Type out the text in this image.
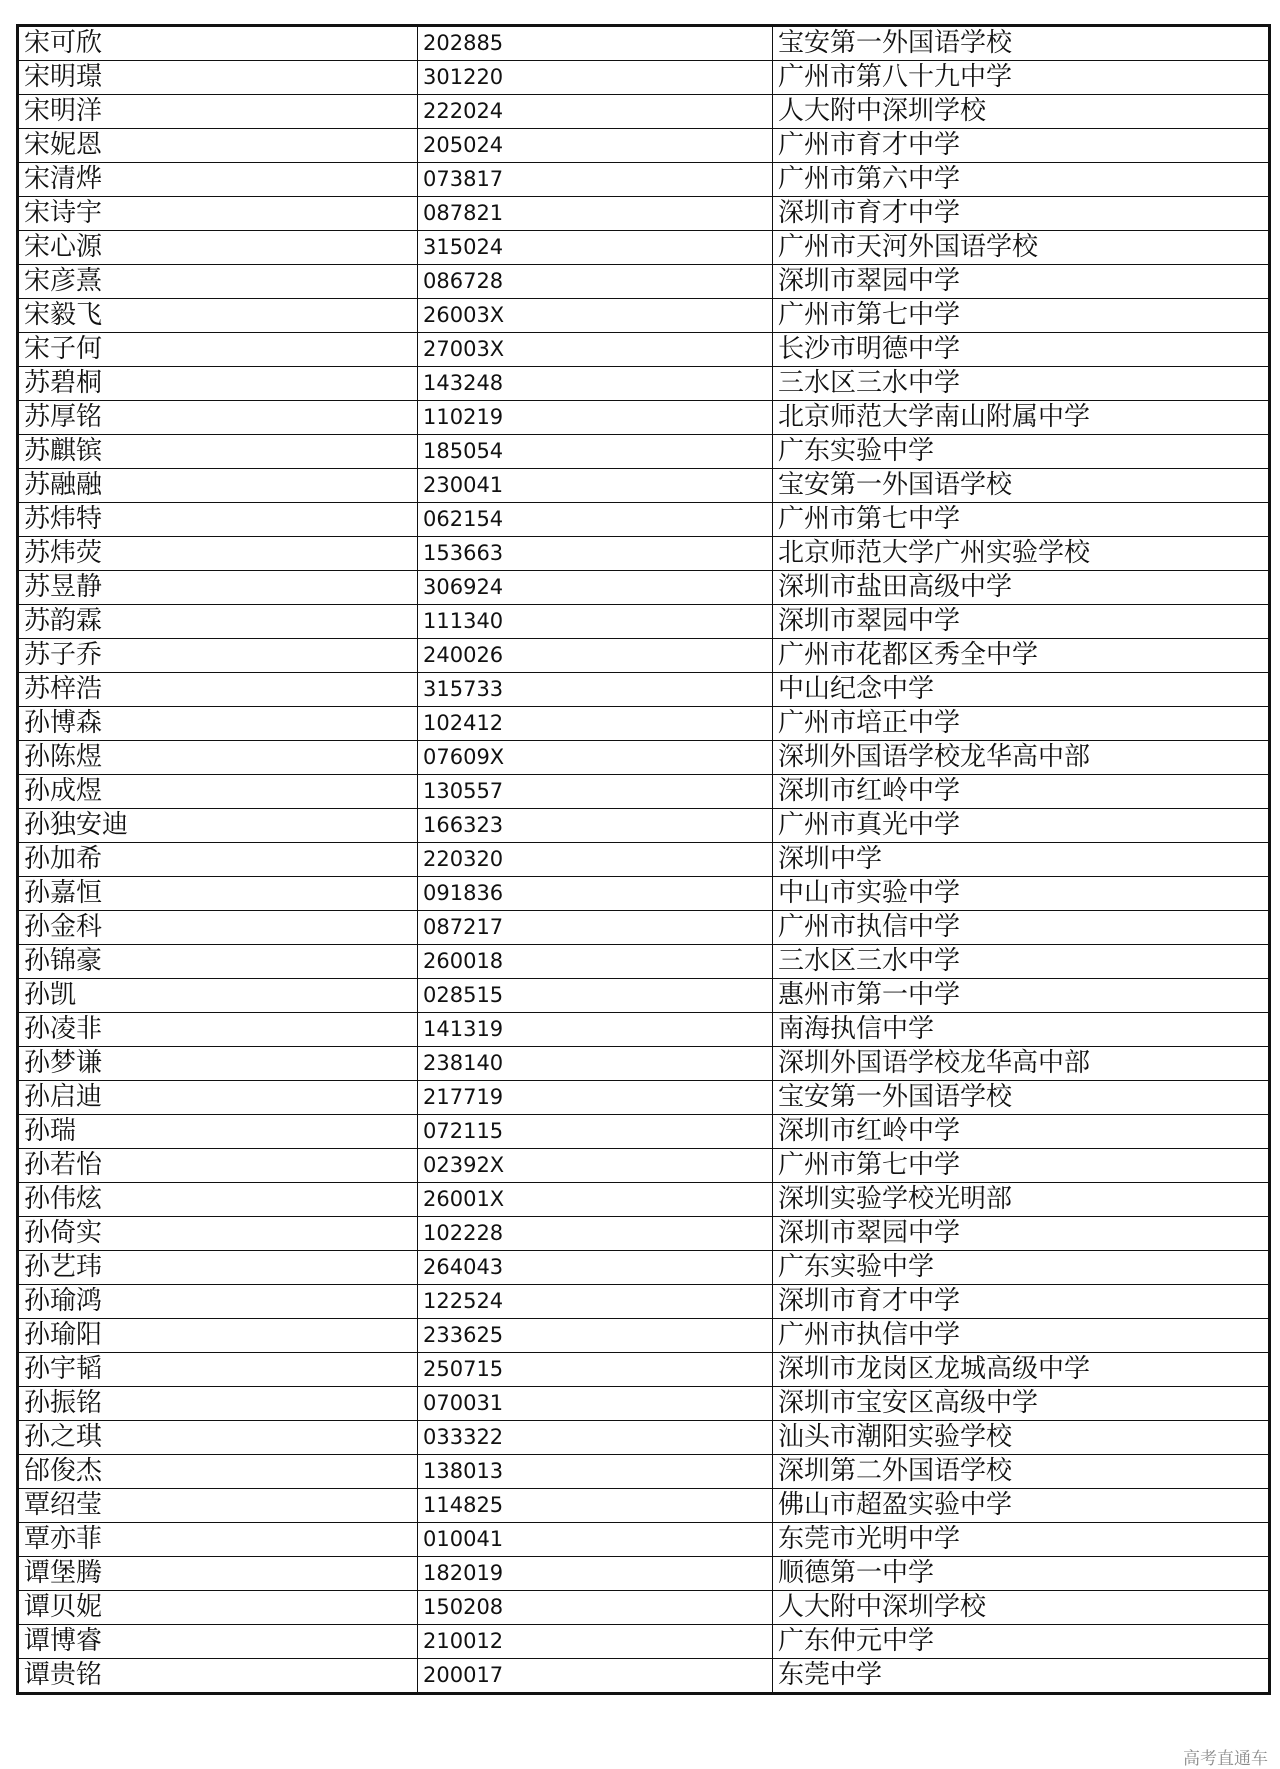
宋可欣	202885	宝安第一外国语学校
宋明璟	301220	广州市第八十九中学
宋明洋	222024	人大附中深圳学校
宋妮恩	205024	广州市育才中学
宋清烨	073817	广州市第六中学
宋诗宇	087821	深圳市育才中学
宋心源	315024	广州市天河外国语学校
宋彦熹	086728	深圳市翠园中学
宋毅飞	26003X	广州市第七中学
宋子何	27003X	长沙市明德中学
苏碧桐	143248	三水区三水中学
苏厚铭	110219	北京师范大学南山附属中学
苏麒镔	185054	广东实验中学
苏融融	230041	宝安第一外国语学校
苏炜特	062154	广州市第七中学
苏炜荧	153663	北京师范大学广州实验学校
苏昱静	306924	深圳市盐田高级中学
苏韵霖	111340	深圳市翠园中学
苏子乔	240026	广州市花都区秀全中学
苏梓浩	315733	中山纪念中学
孙博森	102412	广州市培正中学
孙陈煜	07609X	深圳外国语学校龙华高中部
孙成煜	130557	深圳市红岭中学
孙独安迪	166323	广州市真光中学
孙加希	220320	深圳中学
孙嘉恒	091836	中山市实验中学
孙金科	087217	广州市执信中学
孙锦豪	260018	三水区三水中学
孙凯	028515	惠州市第一中学
孙凌非	141319	南海执信中学
孙梦谦	238140	深圳外国语学校龙华高中部
孙启迪	217719	宝安第一外国语学校
孙瑞	072115	深圳市红岭中学
孙若怡	02392X	广州市第七中学
孙伟炫	26001X	深圳实验学校光明部
孙倚实	102228	深圳市翠园中学
孙艺玮	264043	广东实验中学
孙瑜鸿	122524	深圳市育才中学
孙瑜阳	233625	广州市执信中学
孙宇韬	250715	深圳市龙岗区龙城高级中学
孙振铭	070031	深圳市宝安区高级中学
孙之琪	033322	汕头市潮阳实验学校
邰俊杰	138013	深圳第二外国语学校
覃绍莹	114825	佛山市超盈实验中学
覃亦菲	010041	东莞市光明中学
谭堡腾	182019	顺德第一中学
谭贝妮	150208	人大附中深圳学校
谭博睿	210012	广东仲元中学
谭贵铭	200017	东莞中学
高考直通车
